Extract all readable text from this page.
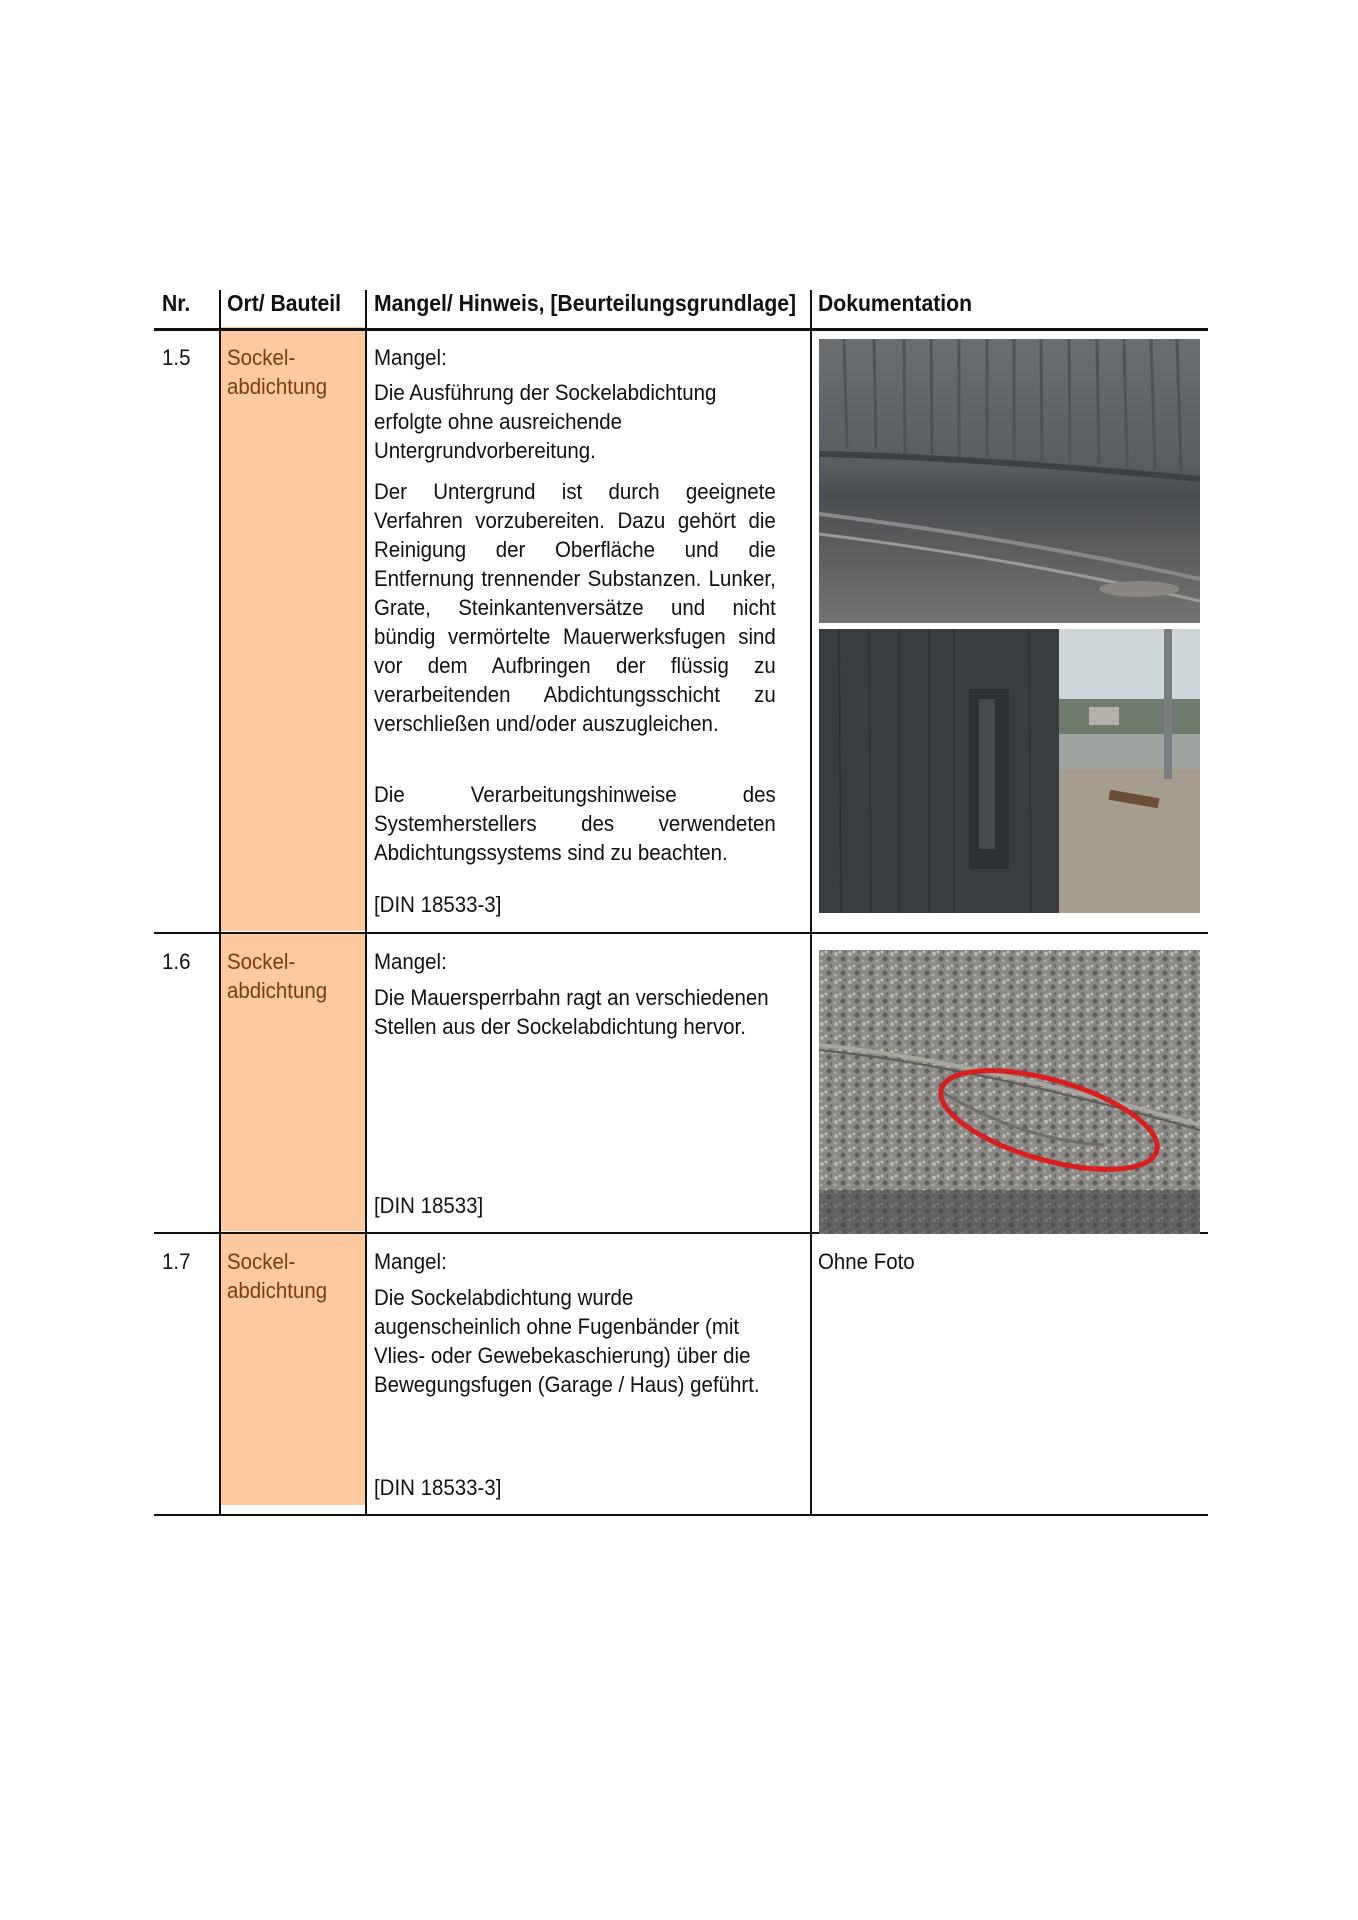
Nr. Ort/ Bauteil Mangel/ Hinweis, [Beurteilungsgrundlage] Dokumentation
1.5 Sockel-
abdichtung
Mangel:
Die Ausführung der Sockelabdichtung erfolgte ohne ausreichende Untergrundvorbereitung.
Der Untergrund ist durch geeignete Verfahren vorzubereiten. Dazu gehört die Reinigung der Oberfläche und die Entfernung trennender Substanzen. Lunker, Grate, Steinkantenversätze und nicht bündig vermörtelte Mauerwerksfugen sind vor dem Aufbringen der flüssig zu verarbeitenden Abdichtungsschicht zu verschließen und/oder auszugleichen.
Die Verarbeitungshinweise des Systemherstellers des verwendeten Abdichtungssystems sind zu beachten.
[DIN 18533-3]
1.6 Sockel-
abdichtung
Mangel:
Die Mauersperrbahn ragt an verschiedenen Stellen aus der Sockelabdichtung hervor.
[DIN 18533]
1.7 Sockel-
abdichtung
Mangel:
Die Sockelabdichtung wurde augenscheinlich ohne Fugenbänder (mit Vlies- oder Gewebekaschierung) über die Bewegungsfugen (Garage / Haus) geführt.
[DIN 18533-3]
Ohne Foto
